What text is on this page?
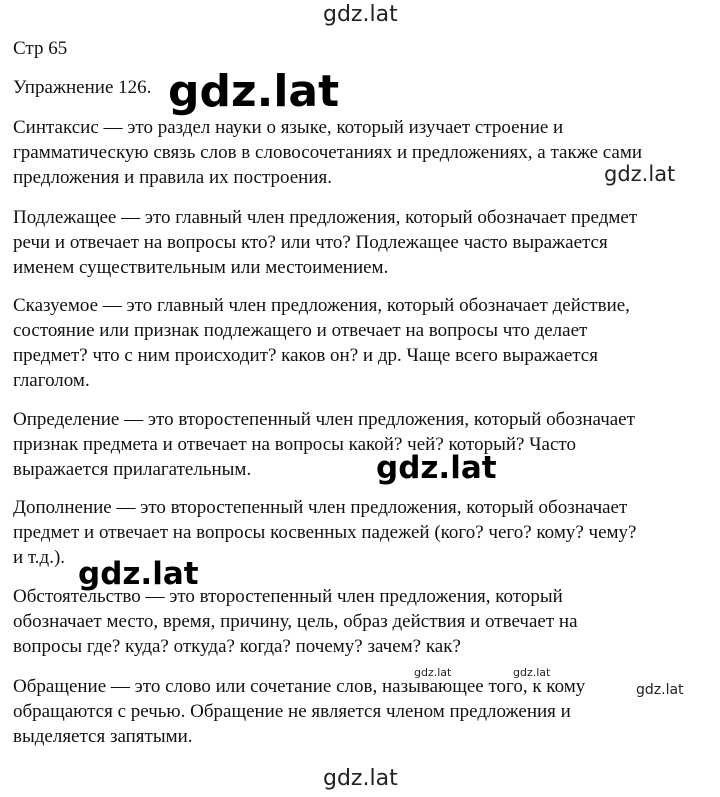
gdz.lat
Стр 65
Упражнение 126.
Синтаксис — это раздел науки о языке, который изучает строение и
грамматическую связь слов в словосочетаниях и предложениях, а также сами
предложения и правила их построения.
Подлежащее — это главный член предложения, который обозначает предмет
речи и отвечает на вопросы кто? или что? Подлежащее часто выражается
именем существительным или местоимением.
Сказуемое — это главный член предложения, который обозначает действие,
состояние или признак подлежащего и отвечает на вопросы что делает
предмет? что с ним происходит? каков он? и др. Чаще всего выражается
глаголом.
Определение — это второстепенный член предложения, который обозначает
признак предмета и отвечает на вопросы какой? чей? который? Часто
выражается прилагательным.
Дополнение — это второстепенный член предложения, который обозначает
предмет и отвечает на вопросы косвенных падежей (кого? чего? кому? чему?
и т.д.).
Обстоятельство — это второстепенный член предложения, который
обозначает место, время, причину, цель, образ действия и отвечает на
вопросы где? куда? откуда? когда? почему? зачем? как?
Обращение — это слово или сочетание слов, называющее того, к кому
обращаются с речью. Обращение не является членом предложения и
выделяется запятыми.
gdz.lat
gdz.lat
gdz.lat
gdz.lat
gdz.lat	gdz.lat
gdz.lat
gdz.lat
